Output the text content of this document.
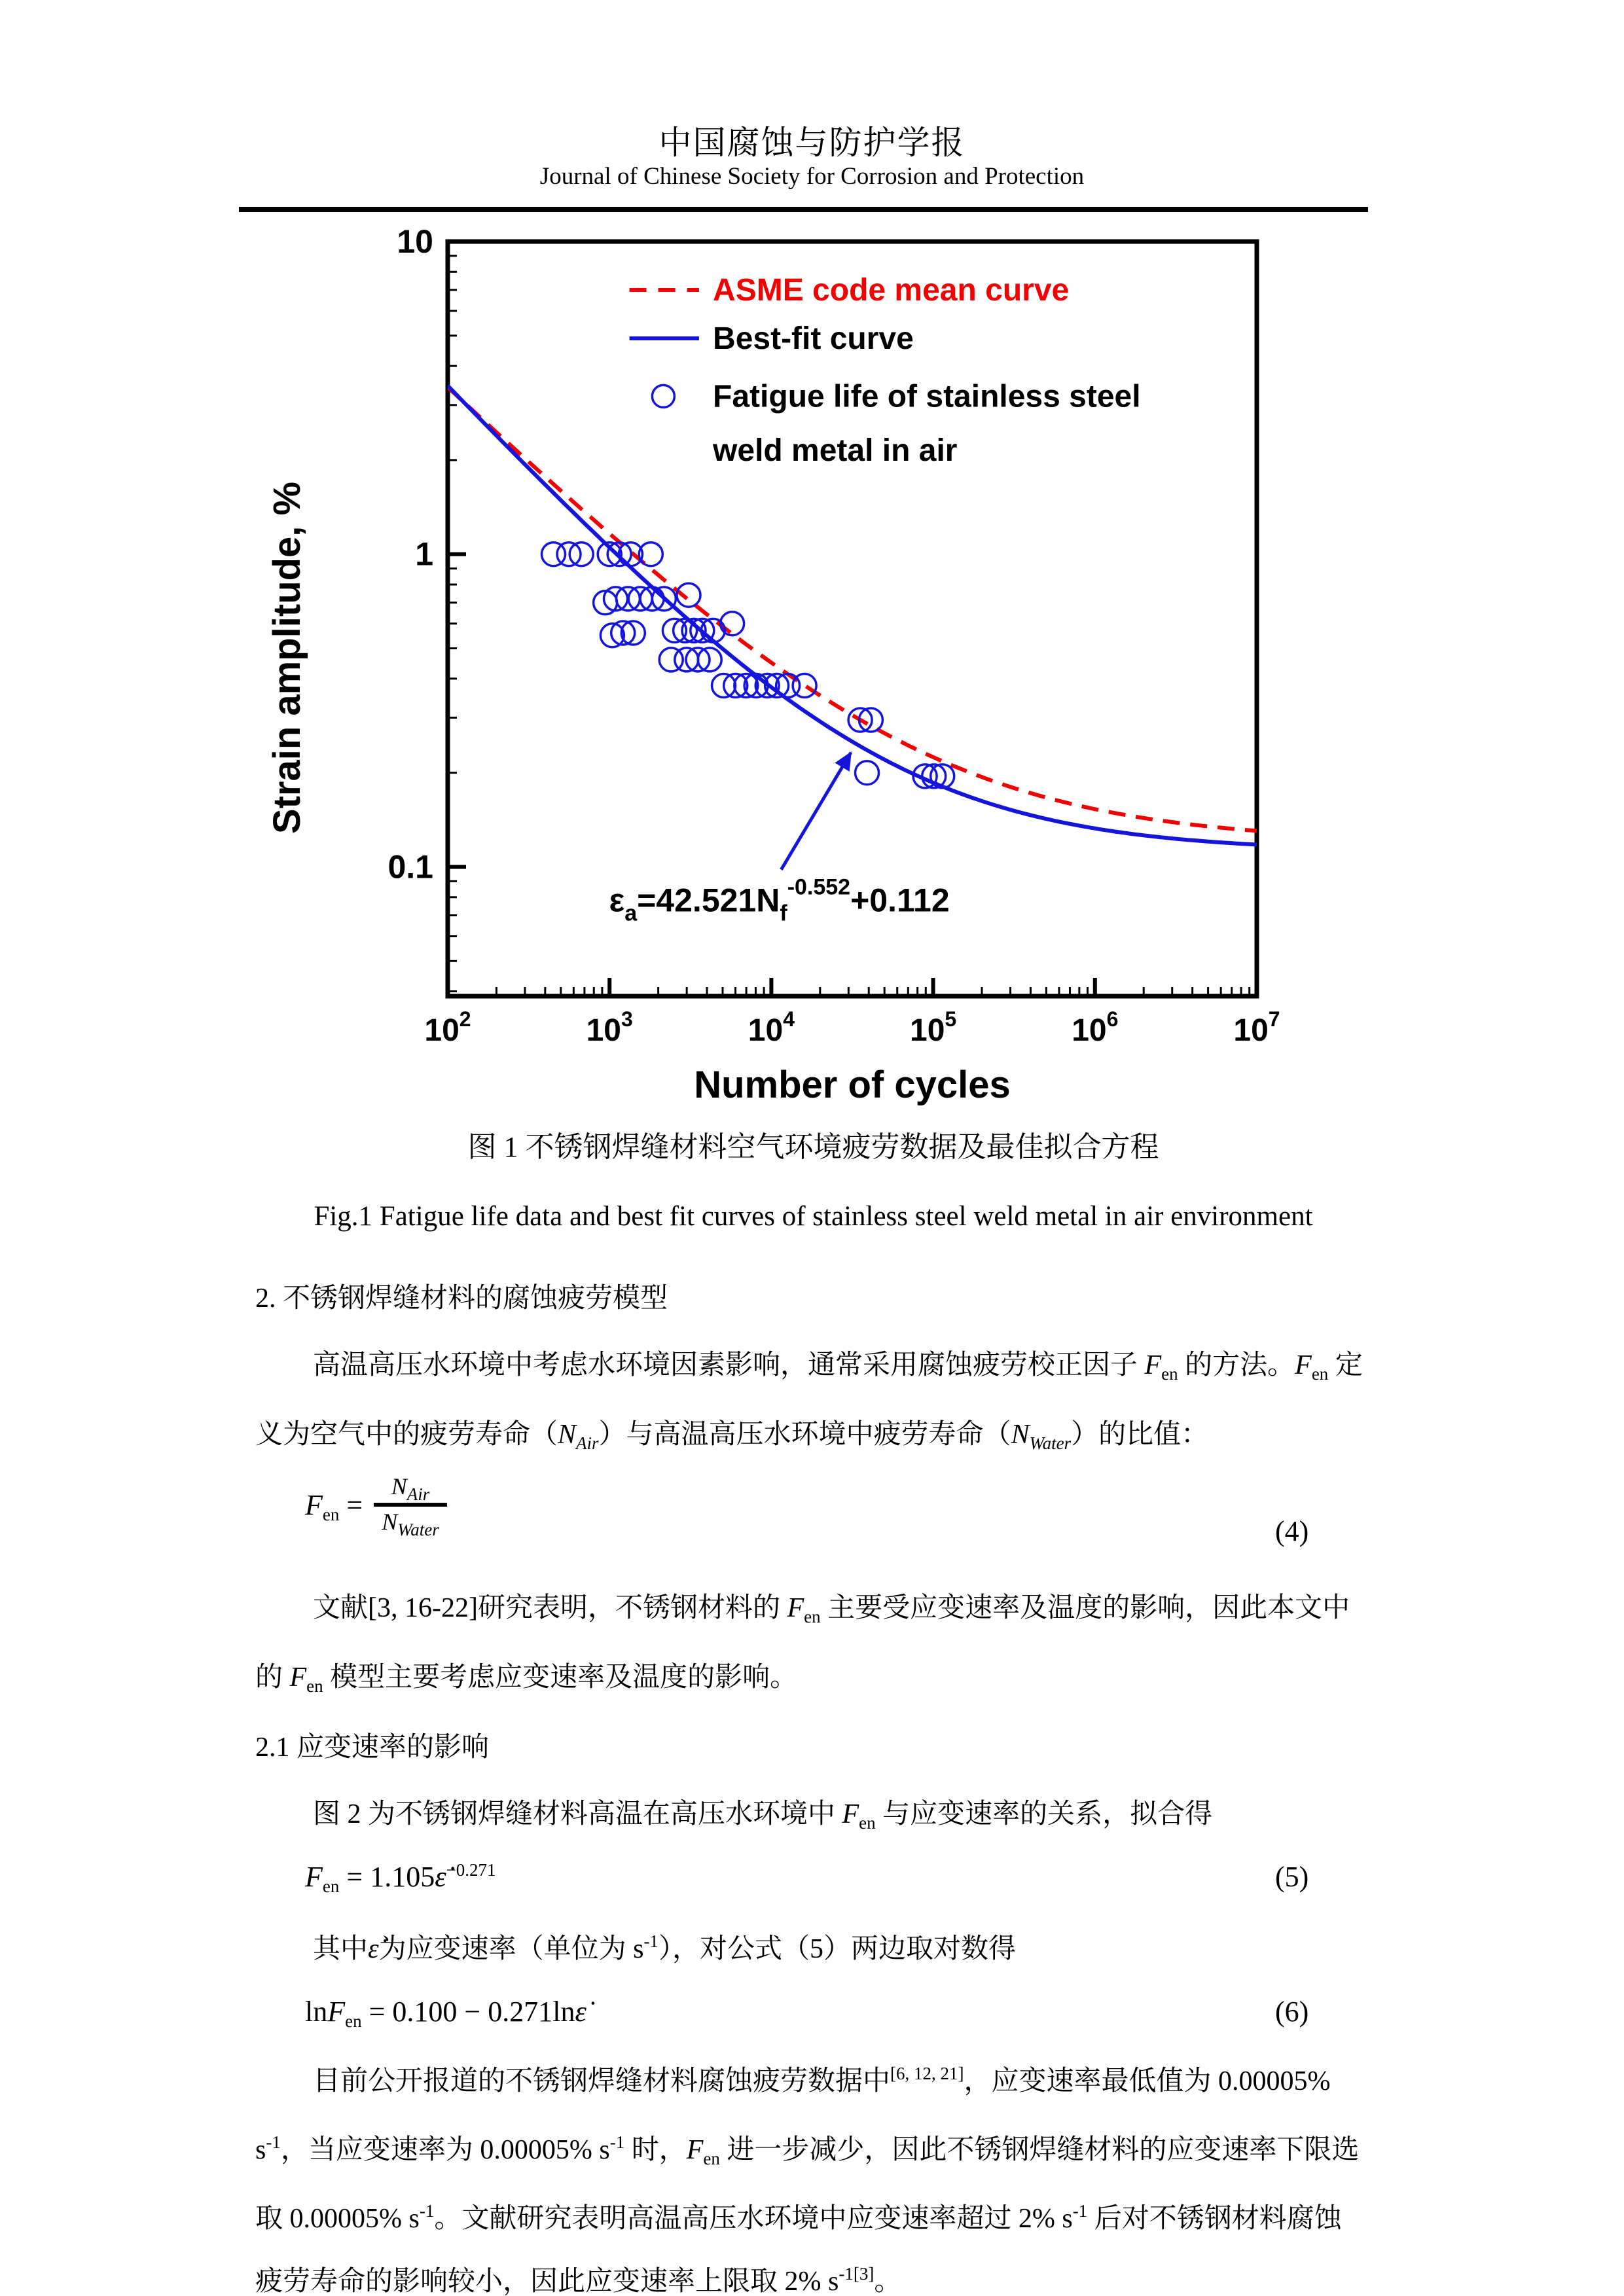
中国腐蚀与防护学报
Journal of Chinese Society for Corrosion and Protection
10
1
0.1
$10^2$	$10^3$	$10^4$	$10^5$	$10^6$	$10^7$
Number of cycles
Strain amplitude, %
ASME code mean curve
Best-fit curve
Fatigue life of stainless steel
weld metal in air
$\varepsilon_a=42.521N_f^{-0.552}+0.112$
图 1 不锈钢焊缝材料空气环境疲劳数据及最佳拟合方程
Fig.1 Fatigue life data and best fit curves of stainless steel weld metal in air environment
2. 不锈钢焊缝材料的腐蚀疲劳模型
高温高压水环境中考虑水环境因素影响，通常采用腐蚀疲劳校正因子 $F_{en}$ 的方法。$F_{en}$ 定
义为空气中的疲劳寿命$(N_{Air})$与高温高压水环境中疲劳寿命$(N_{Water})$的比值：
$F_{en} = \frac{N_{Air}}{N_{Water}}$	(4)
文献[3, 16-22]研究表明，不锈钢材料的 $F_{en}$ 主要受应变速率及温度的影响，因此本文中
的 $F_{en}$ 模型主要考虑应变速率及温度的影响。
2.1 应变速率的影响
图 2 为不锈钢焊缝材料高温在高压水环境中 $F_{en}$ 与应变速率的关系，拟合得
$F_{en}$ = 1.105ε̇$^{-0.271}$	(5)
其中ε̇为应变速率（单位为 $s^{-1}$），对公式（5）两边取对数得
lnF$_{en}$ = 0.100 − 0.271lnε̇	(6)
目前公开报道的不锈钢焊缝材料腐蚀疲劳数据中[6, 12, 21]，应变速率最低值为 0.00005%
$s^{-1}$，当应变速率为 0.00005% $s^{-1}$ 时，$F_{en}$ 进一步减少，因此不锈钢焊缝材料的应变速率下限选
取 0.00005% $s^{-1}$。文献研究表明高温高压水环境中应变速率超过 2% $s^{-1}$ 后对不锈钢材料腐蚀
疲劳寿命的影响较小，因此应变速率上限取 2% $s^{-1[3]}$。
